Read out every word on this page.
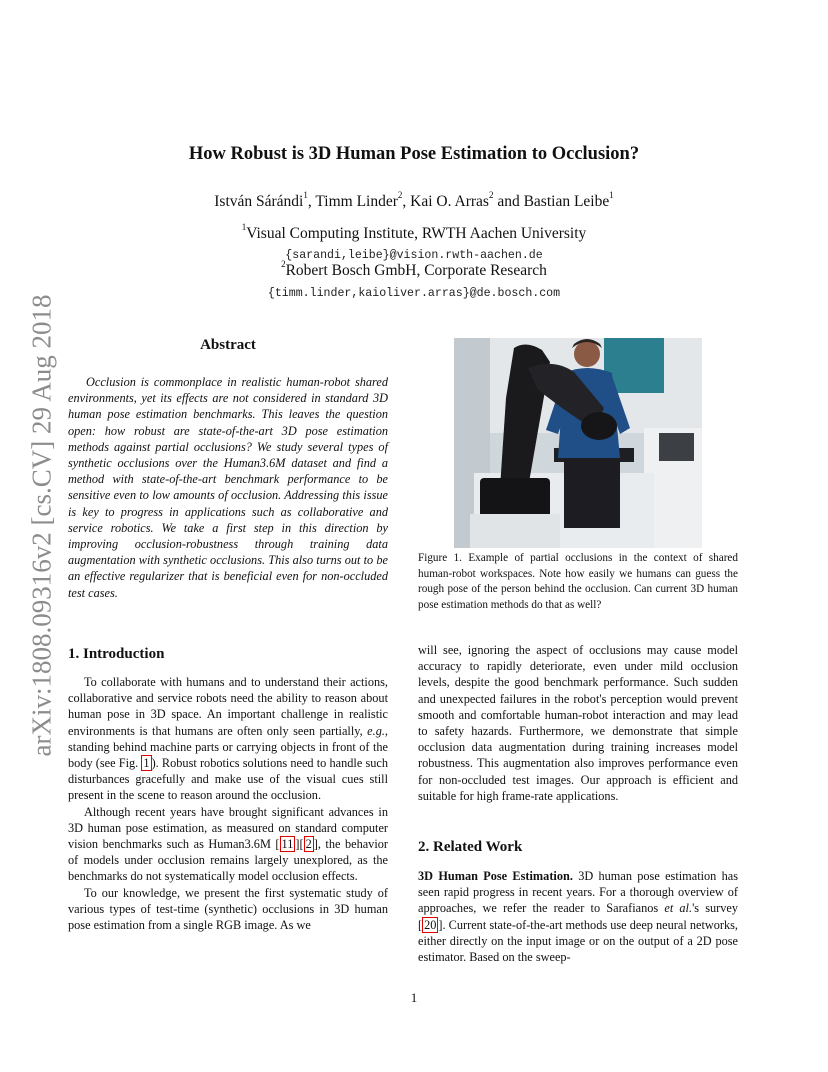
arXiv:1808.09316v2 [cs.CV] 29 Aug 2018
How Robust is 3D Human Pose Estimation to Occlusion?
István Sárándi$^1$, Timm Linder$^2$, Kai O. Arras$^2$ and Bastian Leibe$^1$
$^1$Visual Computing Institute, RWTH Aachen University
{sarandi,leibe}@vision.rwth-aachen.de
$^2$Robert Bosch GmbH, Corporate Research
{timm.linder,kaioliver.arras}@de.bosch.com
Abstract
Occlusion is commonplace in realistic human-robot shared environments, yet its effects are not considered in standard 3D human pose estimation benchmarks. This leaves the question open: how robust are state-of-the-art 3D pose estimation methods against partial occlusions? We study several types of synthetic occlusions over the Human3.6M dataset and find a method with state-of-the-art benchmark performance to be sensitive even to low amounts of occlusion. Addressing this issue is key to progress in applications such as collaborative and service robotics. We take a first step in this direction by improving occlusion-robustness through training data augmentation with synthetic occlusions. This also turns out to be an effective regularizer that is beneficial even for non-occluded test cases.
Figure 1. Example of partial occlusions in the context of shared human-robot workspaces. Note how easily we humans can guess the rough pose of the person behind the occlusion. Can current 3D human pose estimation methods do that as well?
1. Introduction

To collaborate with humans and to understand their actions, collaborative and service robots need the ability to reason about human pose in 3D space. An important challenge in realistic environments is that humans are often only seen partially, e.g., standing behind machine parts or carrying objects in front of the body (see Fig. 1 ). Robust robotics solutions need to handle such disturbances gracefully and make use of the visual cues still present in the scene to reason around the occlusion.

Although recent years have brought significant advances in 3D human pose estimation, as measured on standard computer vision benchmarks such as Human3.6M [ 11 ][ 2 ], the behavior of models under occlusion remains largely unexplored, as the benchmarks do not systematically model occlusion effects.

To our knowledge, we present the first systematic study of various types of test-time (synthetic) occlusions in 3D human pose estimation from a single RGB image. As we

will see, ignoring the aspect of occlusions may cause model accuracy to rapidly deteriorate, even under mild occlusion levels, despite the good benchmark performance. Such sudden and unexpected failures in the robot's perception would prevent smooth and comfortable human-robot interaction and may lead to safety hazards. Furthermore, we demonstrate that simple occlusion data augmentation during training increases model robustness. This augmentation also improves performance even for non-occluded test images. Our approach is efficient and suitable for high frame-rate applications.

2. Related Work

3D Human Pose Estimation. 3D human pose estimation has seen rapid progress in recent years. For a thorough overview of approaches, we refer the reader to Sarafianos et al.'s survey [ 20 ]. Current state-of-the-art methods use deep neural networks, either directly on the input image or on the output of a 2D pose estimator. Based on the sweep-

1
